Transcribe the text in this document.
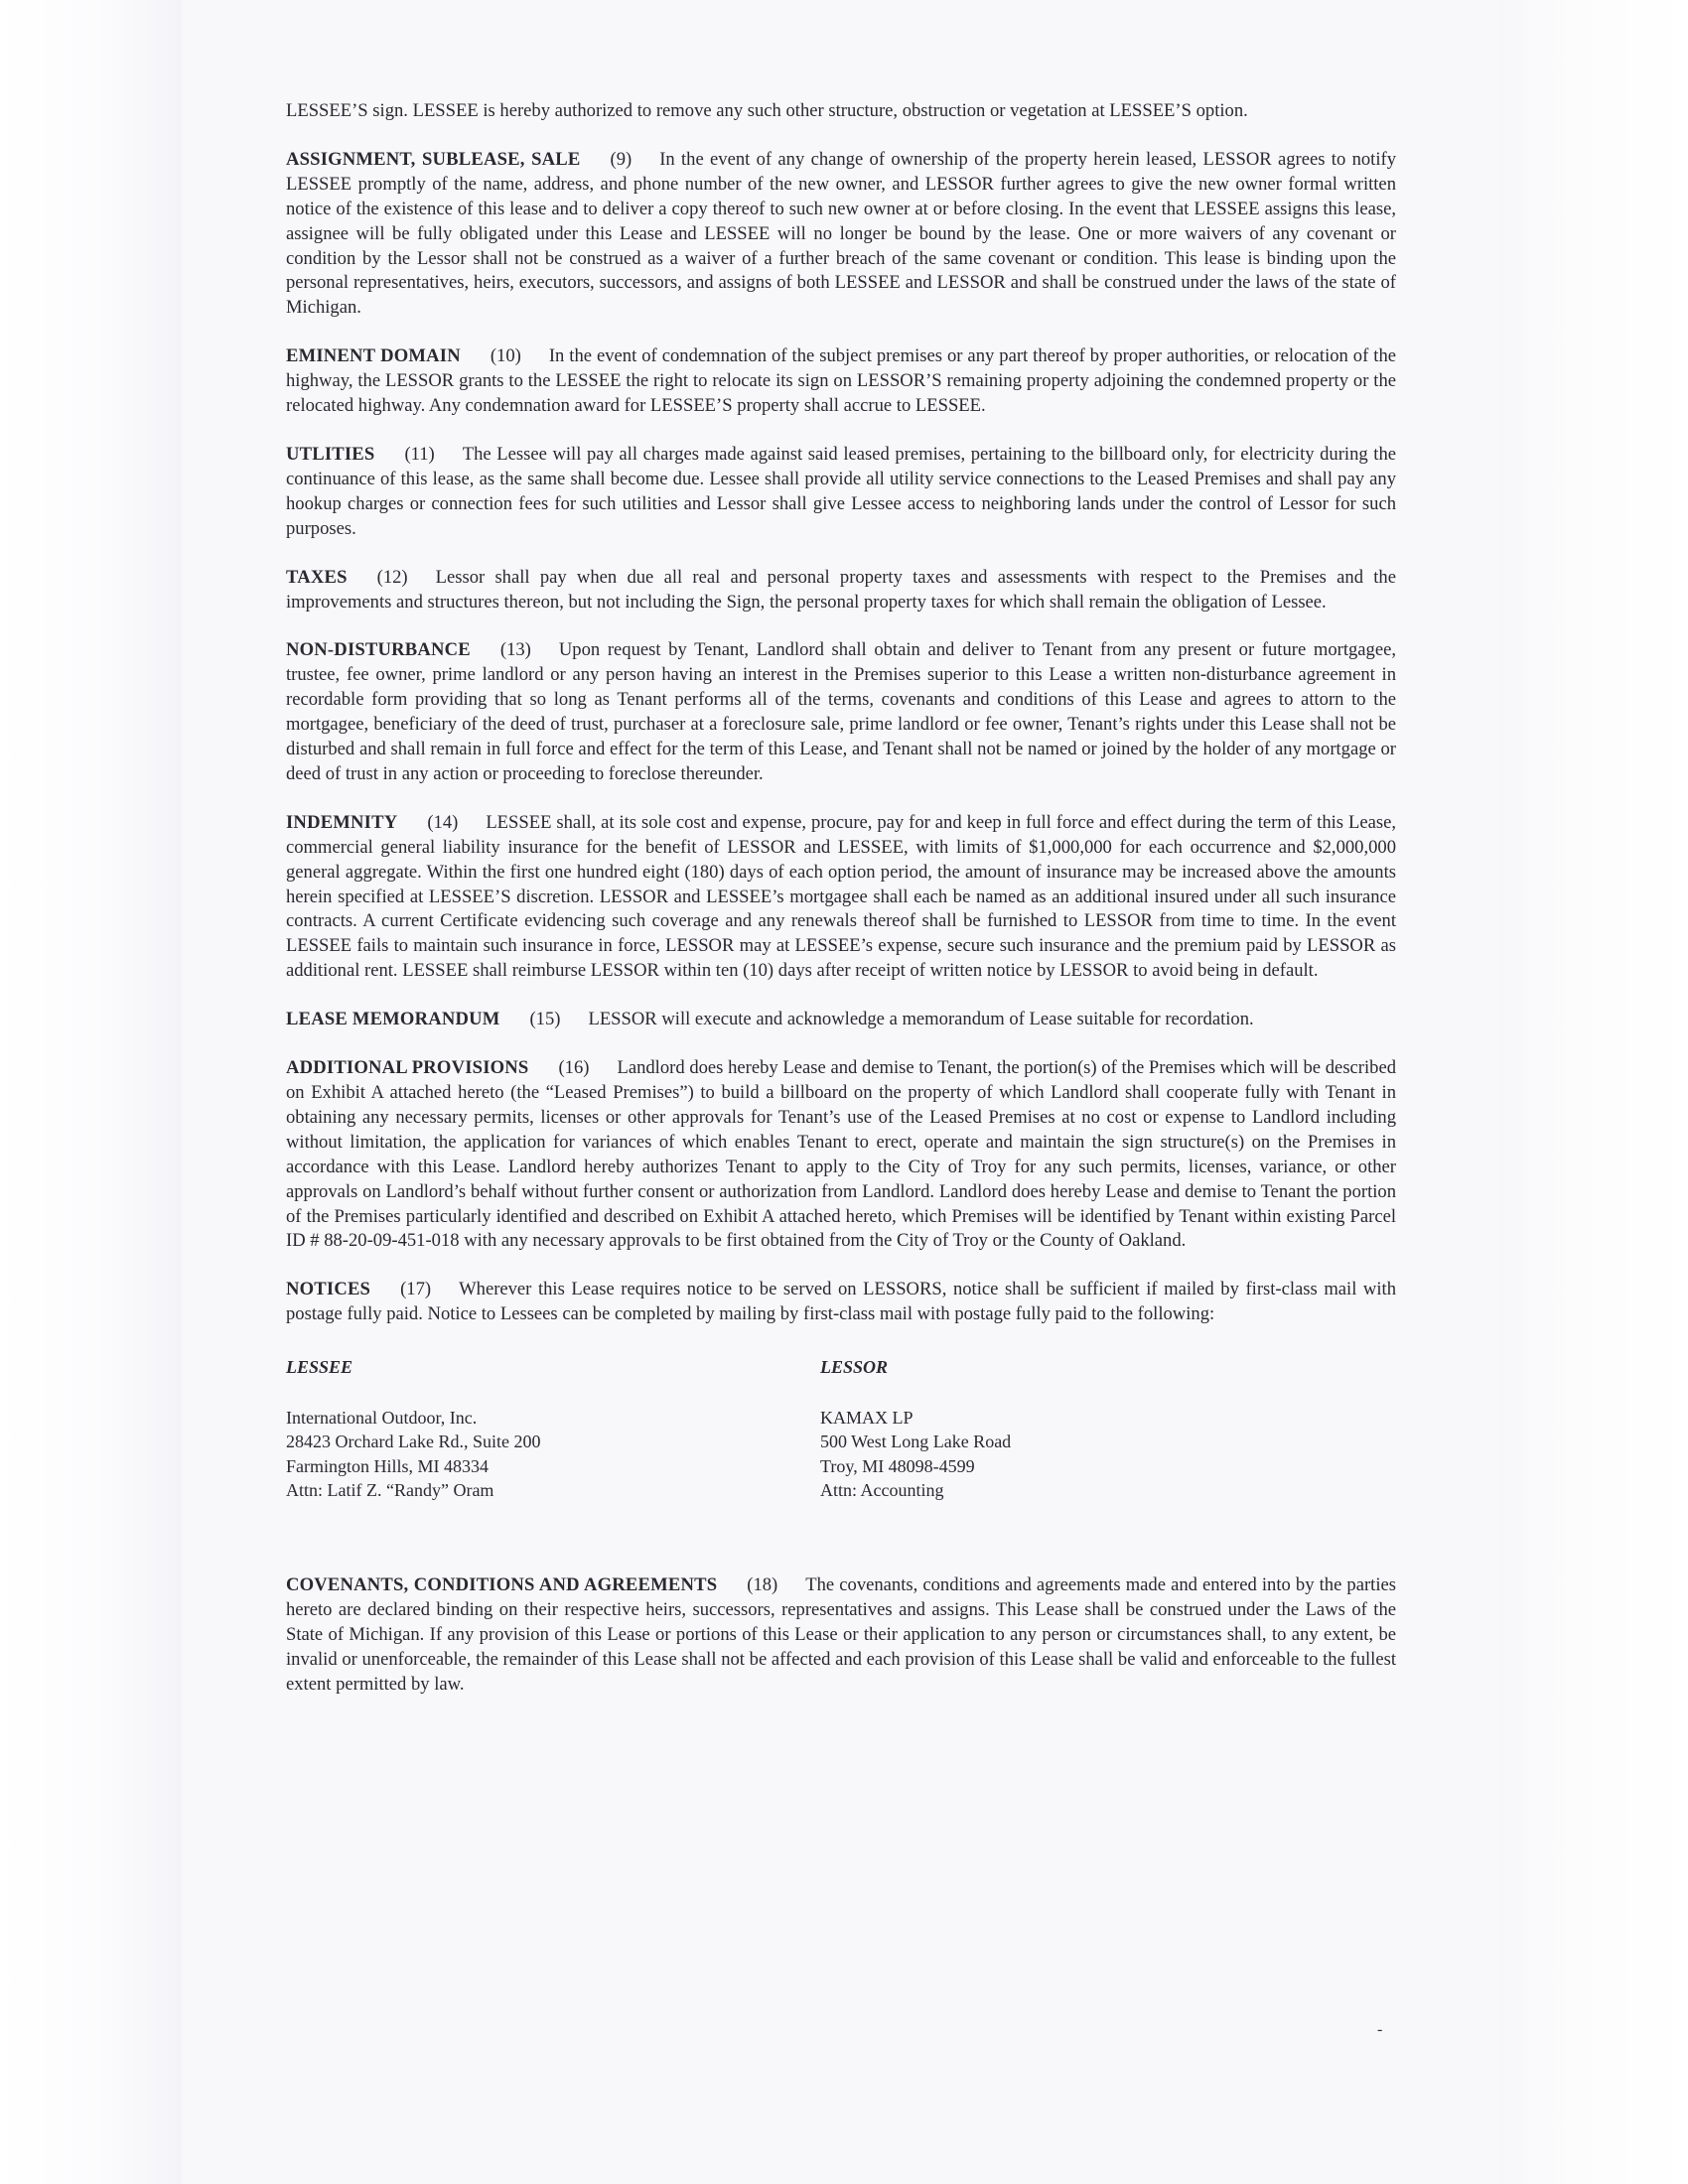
LESSEE’S sign. LESSEE is hereby authorized to remove any such other structure, obstruction or vegetation at LESSEE’S option.

ASSIGNMENT, SUBLEASE, SALE (9) In the event of any change of ownership of the property herein leased, LESSOR agrees to notify LESSEE promptly of the name, address, and phone number of the new owner, and LESSOR further agrees to give the new owner formal written notice of the existence of this lease and to deliver a copy thereof to such new owner at or before closing. In the event that LESSEE assigns this lease, assignee will be fully obligated under this Lease and LESSEE will no longer be bound by the lease. One or more waivers of any covenant or condition by the Lessor shall not be construed as a waiver of a further breach of the same covenant or condition. This lease is binding upon the personal representatives, heirs, executors, successors, and assigns of both LESSEE and LESSOR and shall be construed under the laws of the state of Michigan.

EMINENT DOMAIN (10) In the event of condemnation of the subject premises or any part thereof by proper authorities, or relocation of the highway, the LESSOR grants to the LESSEE the right to relocate its sign on LESSOR’S remaining property adjoining the condemned property or the relocated highway. Any condemnation award for LESSEE’S property shall accrue to LESSEE.

UTLITIES (11) The Lessee will pay all charges made against said leased premises, pertaining to the billboard only, for electricity during the continuance of this lease, as the same shall become due. Lessee shall provide all utility service connections to the Leased Premises and shall pay any hookup charges or connection fees for such utilities and Lessor shall give Lessee access to neighboring lands under the control of Lessor for such purposes.

TAXES (12) Lessor shall pay when due all real and personal property taxes and assessments with respect to the Premises and the improvements and structures thereon, but not including the Sign, the personal property taxes for which shall remain the obligation of Lessee.

NON-DISTURBANCE (13) Upon request by Tenant, Landlord shall obtain and deliver to Tenant from any present or future mortgagee, trustee, fee owner, prime landlord or any person having an interest in the Premises superior to this Lease a written non-disturbance agreement in recordable form providing that so long as Tenant performs all of the terms, covenants and conditions of this Lease and agrees to attorn to the mortgagee, beneficiary of the deed of trust, purchaser at a foreclosure sale, prime landlord or fee owner, Tenant’s rights under this Lease shall not be disturbed and shall remain in full force and effect for the term of this Lease, and Tenant shall not be named or joined by the holder of any mortgage or deed of trust in any action or proceeding to foreclose thereunder.

INDEMNITY (14) LESSEE shall, at its sole cost and expense, procure, pay for and keep in full force and effect during the term of this Lease, commercial general liability insurance for the benefit of LESSOR and LESSEE, with limits of $1,000,000 for each occurrence and $2,000,000 general aggregate. Within the first one hundred eight (180) days of each option period, the amount of insurance may be increased above the amounts herein specified at LESSEE’S discretion. LESSOR and LESSEE’s mortgagee shall each be named as an additional insured under all such insurance contracts. A current Certificate evidencing such coverage and any renewals thereof shall be furnished to LESSOR from time to time. In the event LESSEE fails to maintain such insurance in force, LESSOR may at LESSEE’s expense, secure such insurance and the premium paid by LESSOR as additional rent. LESSEE shall reimburse LESSOR within ten (10) days after receipt of written notice by LESSOR to avoid being in default.

LEASE MEMORANDUM (15) LESSOR will execute and acknowledge a memorandum of Lease suitable for recordation.

ADDITIONAL PROVISIONS (16) Landlord does hereby Lease and demise to Tenant, the portion(s) of the Premises which will be described on Exhibit A attached hereto (the “Leased Premises”) to build a billboard on the property of which Landlord shall cooperate fully with Tenant in obtaining any necessary permits, licenses or other approvals for Tenant’s use of the Leased Premises at no cost or expense to Landlord including without limitation, the application for variances of which enables Tenant to erect, operate and maintain the sign structure(s) on the Premises in accordance with this Lease. Landlord hereby authorizes Tenant to apply to the City of Troy for any such permits, licenses, variance, or other approvals on Landlord’s behalf without further consent or authorization from Landlord. Landlord does hereby Lease and demise to Tenant the portion of the Premises particularly identified and described on Exhibit A attached hereto, which Premises will be identified by Tenant within existing Parcel ID # 88-20-09-451-018 with any necessary approvals to be first obtained from the City of Troy or the County of Oakland.

NOTICES (17) Wherever this Lease requires notice to be served on LESSORS, notice shall be sufficient if mailed by first-class mail with postage fully paid. Notice to Lessees can be completed by mailing by first-class mail with postage fully paid to the following:

LESSEE
International Outdoor, Inc.
28423 Orchard Lake Rd., Suite 200
Farmington Hills, MI 48334
Attn: Latif Z. “Randy” Oram
LESSOR
KAMAX LP
500 West Long Lake Road
Troy, MI 48098-4599
Attn: Accounting

COVENANTS, CONDITIONS AND AGREEMENTS (18) The covenants, conditions and agreements made and entered into by the parties hereto are declared binding on their respective heirs, successors, representatives and assigns. This Lease shall be construed under the Laws of the State of Michigan. If any provision of this Lease or portions of this Lease or their application to any person or circumstances shall, to any extent, be invalid or unenforceable, the remainder of this Lease shall not be affected and each provision of this Lease shall be valid and enforceable to the fullest extent permitted by law.

-
